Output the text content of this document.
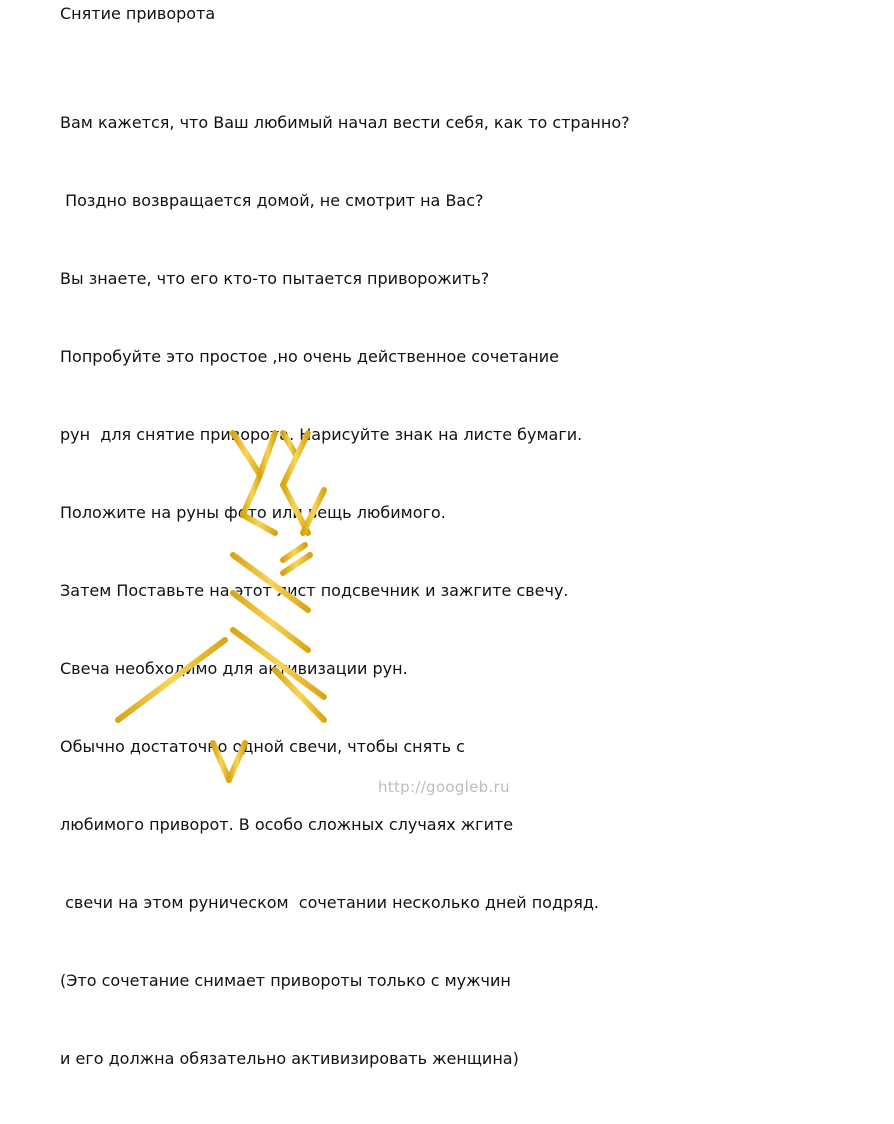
Снятие приворота

Вам кажется, что Ваш любимый начал вести себя, как то странно?

Поздно возвращается домой, не смотрит на Вас?

Вы знаете, что его кто-то пытается приворожить?

Попробуйте это простое ,но очень действенное сочетание

рун  для снятие приворота. Нарисуйте знак на листе бумаги.

Положите на руны фото или вещь любимого.

Затем Поставьте на этот лист подсвечник и зажгите свечу.

Свеча необходимо для активизации рун.

Обычно достаточно одной свечи, чтобы снять с

любимого приворот. В особо сложных случаях жгите

свечи на этом руническом  сочетании несколько дней подряд.

(Это сочетание снимает привороты только с мужчин

и его должна обязательно активизировать женщина)

http://googleb.ru
